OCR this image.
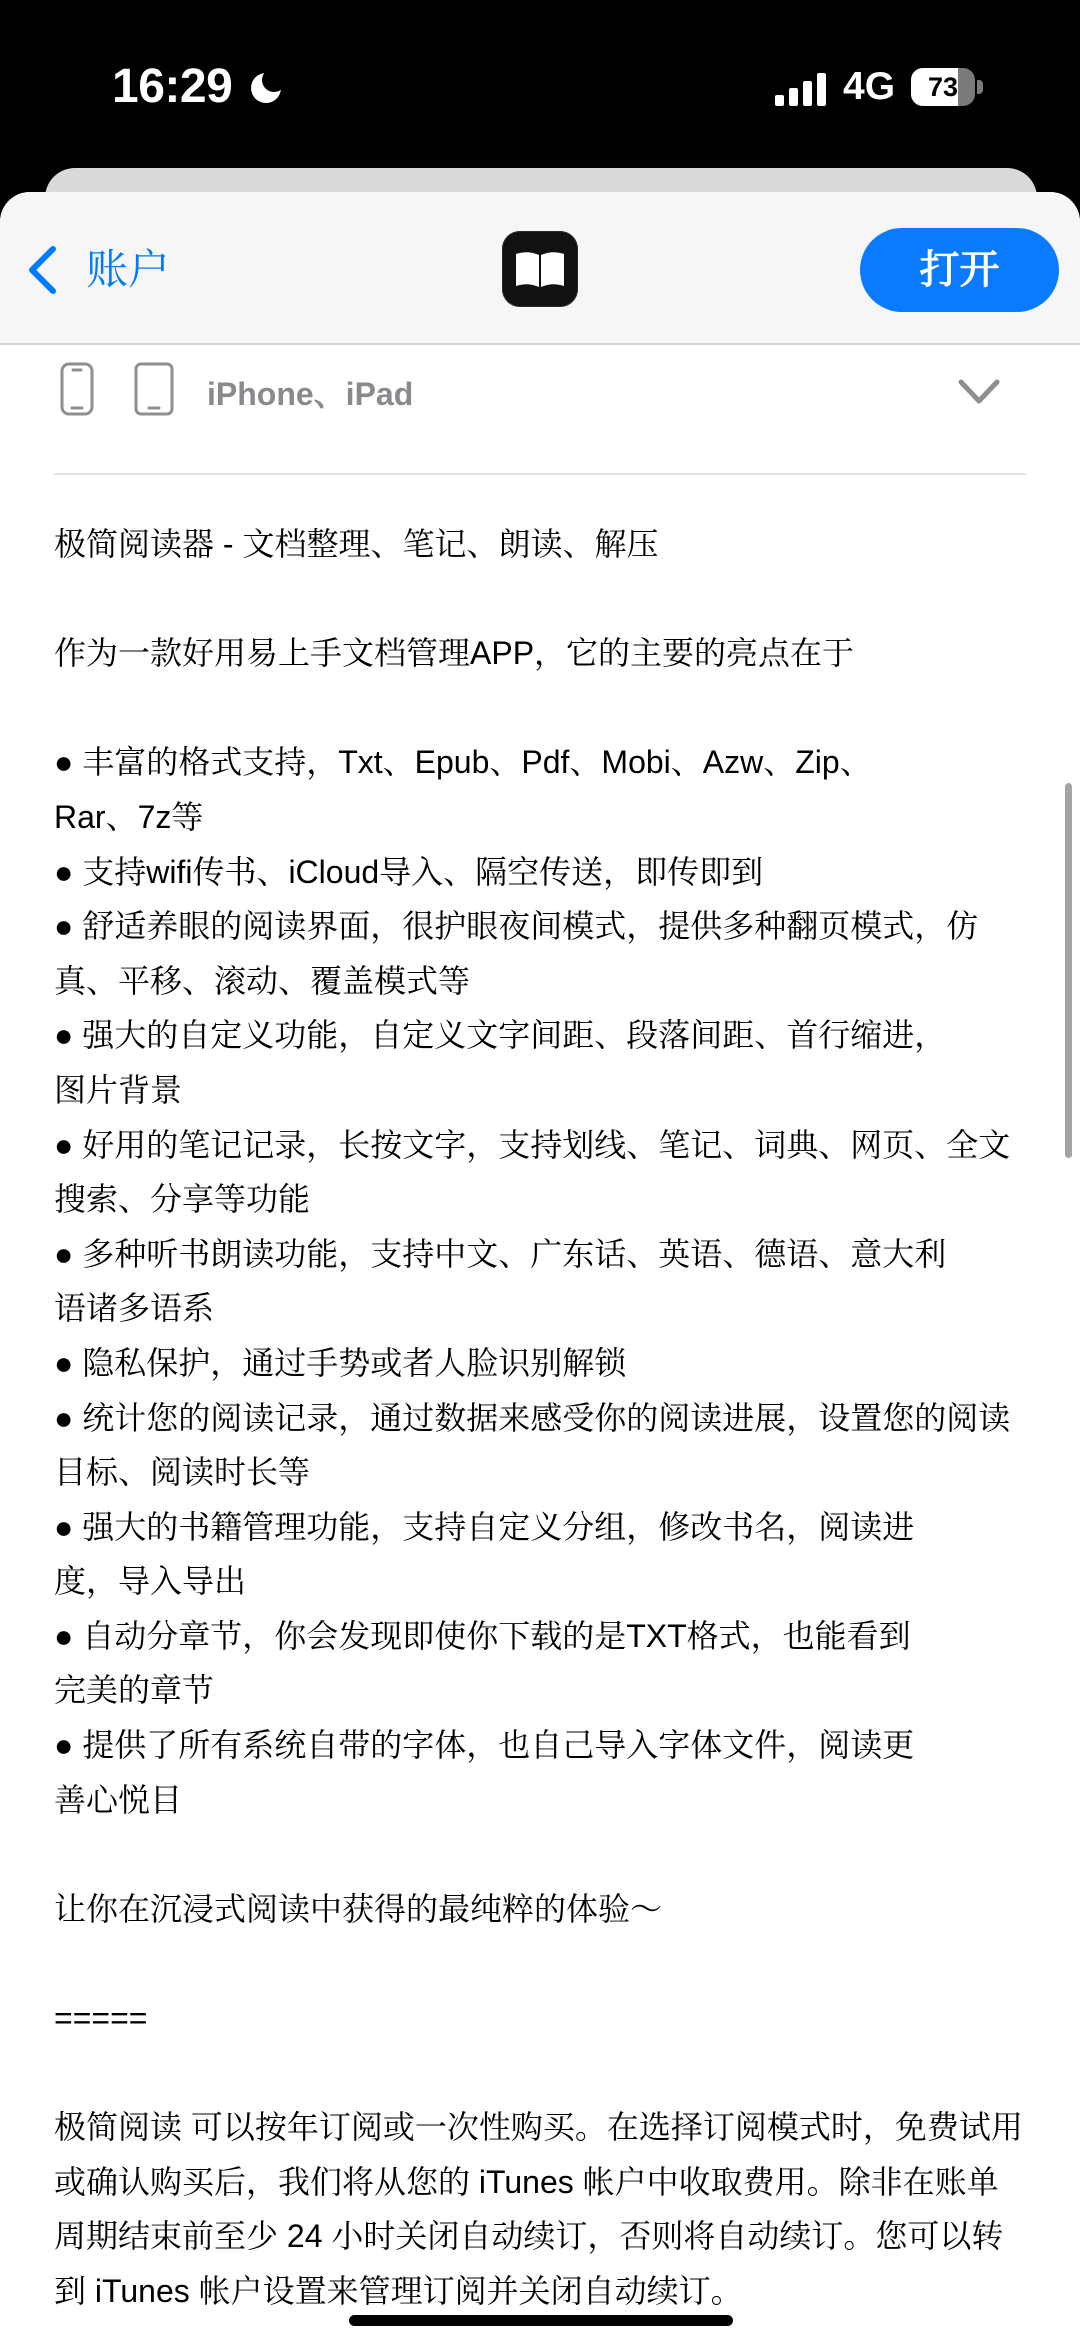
16:29	4G	73
账户	打开
iPhone、iPad
极简阅读器 - 文档整理、笔记、朗读、解压
作为一款好用易上手文档管理APP，它的主要的亮点在于
● 丰富的格式支持，Txt、Epub、Pdf、Mobi、Azw、Zip、
Rar、7z等
● 支持wifi传书、iCloud导入、隔空传送，即传即到
● 舒适养眼的阅读界面，很护眼夜间模式，提供多种翻页模式，仿
真、平移、滚动、覆盖模式等
● 强大的自定义功能，自定义文字间距、段落间距、首行缩进，
图片背景
● 好用的笔记记录，长按文字，支持划线、笔记、词典、网页、全文
搜索、分享等功能
● 多种听书朗读功能，支持中文、广东话、英语、德语、意大利
语诸多语系
● 隐私保护，通过手势或者人脸识别解锁
● 统计您的阅读记录，通过数据来感受你的阅读进展，设置您的阅读
目标、阅读时长等
● 强大的书籍管理功能，支持自定义分组，修改书名，阅读进
度，导入导出
● 自动分章节，你会发现即使你下载的是TXT格式，也能看到
完美的章节
● 提供了所有系统自带的字体，也自己导入字体文件，阅读更
善心悦目
让你在沉浸式阅读中获得的最纯粹的体验～
=====
极简阅读 可以按年订阅或一次性购买。在选择订阅模式时，免费试用
或确认购买后，我们将从您的 iTunes 帐户中收取费用。除非在账单
周期结束前至少 24 小时关闭自动续订，否则将自动续订。您可以转
到 iTunes 帐户设置来管理订阅并关闭自动续订。
